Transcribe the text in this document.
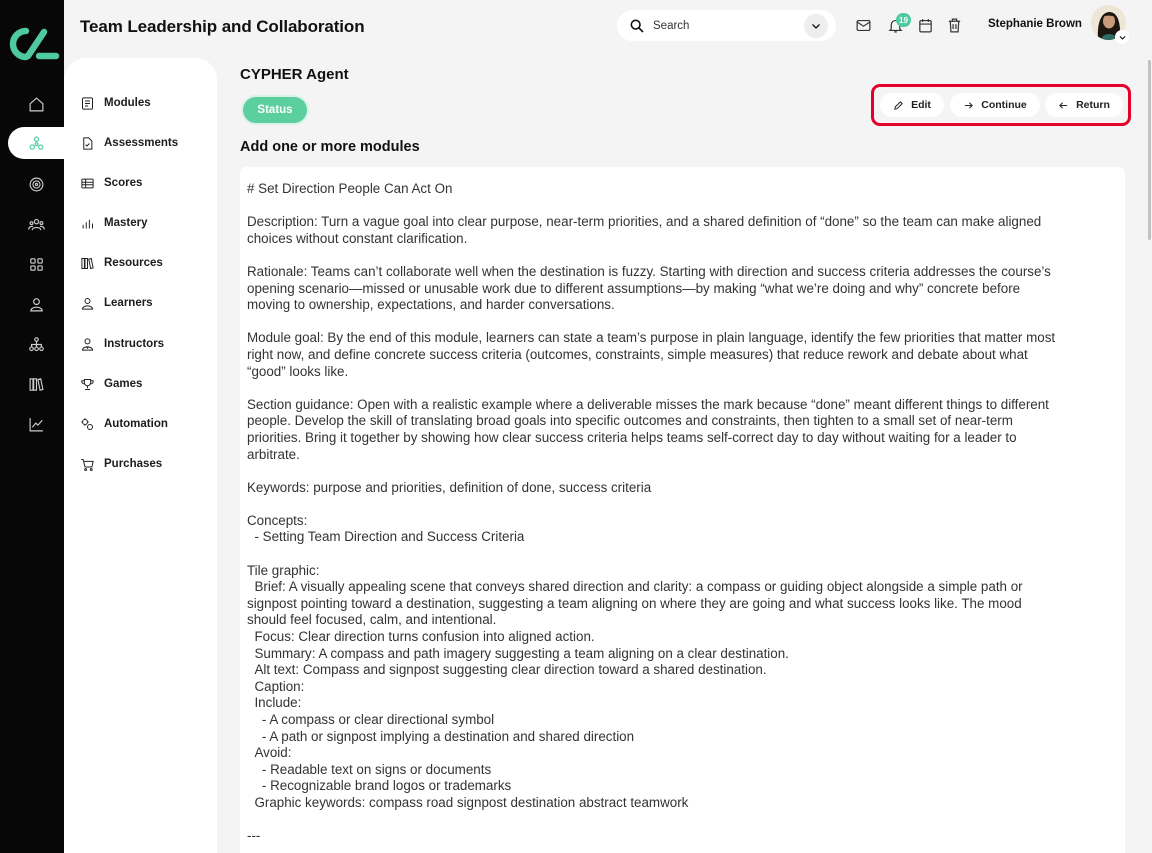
Modules
Assessments
Scores
Mastery
Resources
Learners
Instructors
Games
Automation
Purchases
Team Leadership and Collaboration
Search	19	Stephanie Brown
CYPHER Agent
Status	Edit	Continue	Return
Add one or more modules
# Set Direction People Can Act On
Description: Turn a vague goal into clear purpose, near-term priorities, and a shared definition of “done” so the team can make aligned
choices without constant clarification.
Rationale: Teams can’t collaborate well when the destination is fuzzy. Starting with direction and success criteria addresses the course’s
opening scenario—missed or unusable work due to different assumptions—by making “what we’re doing and why” concrete before
moving to ownership, expectations, and harder conversations.
Module goal: By the end of this module, learners can state a team’s purpose in plain language, identify the few priorities that matter most
right now, and define concrete success criteria (outcomes, constraints, simple measures) that reduce rework and debate about what
“good” looks like.
Section guidance: Open with a realistic example where a deliverable misses the mark because “done” meant different things to different
people. Develop the skill of translating broad goals into specific outcomes and constraints, then tighten to a small set of near-term
priorities. Bring it together by showing how clear success criteria helps teams self-correct day to day without waiting for a leader to
arbitrate.
Keywords: purpose and priorities, definition of done, success criteria
Concepts:
- Setting Team Direction and Success Criteria
Tile graphic:
Brief: A visually appealing scene that conveys shared direction and clarity: a compass or guiding object alongside a simple path or
signpost pointing toward a destination, suggesting a team aligning on where they are going and what success looks like. The mood
should feel focused, calm, and intentional.
Focus: Clear direction turns confusion into aligned action.
Summary: A compass and path imagery suggesting a team aligning on a clear destination.
Alt text: Compass and signpost suggesting clear direction toward a shared destination.
Caption:
Include:
- A compass or clear directional symbol
- A path or signpost implying a destination and shared direction
Avoid:
- Readable text on signs or documents
- Recognizable brand logos or trademarks
Graphic keywords: compass road signpost destination abstract teamwork
---
